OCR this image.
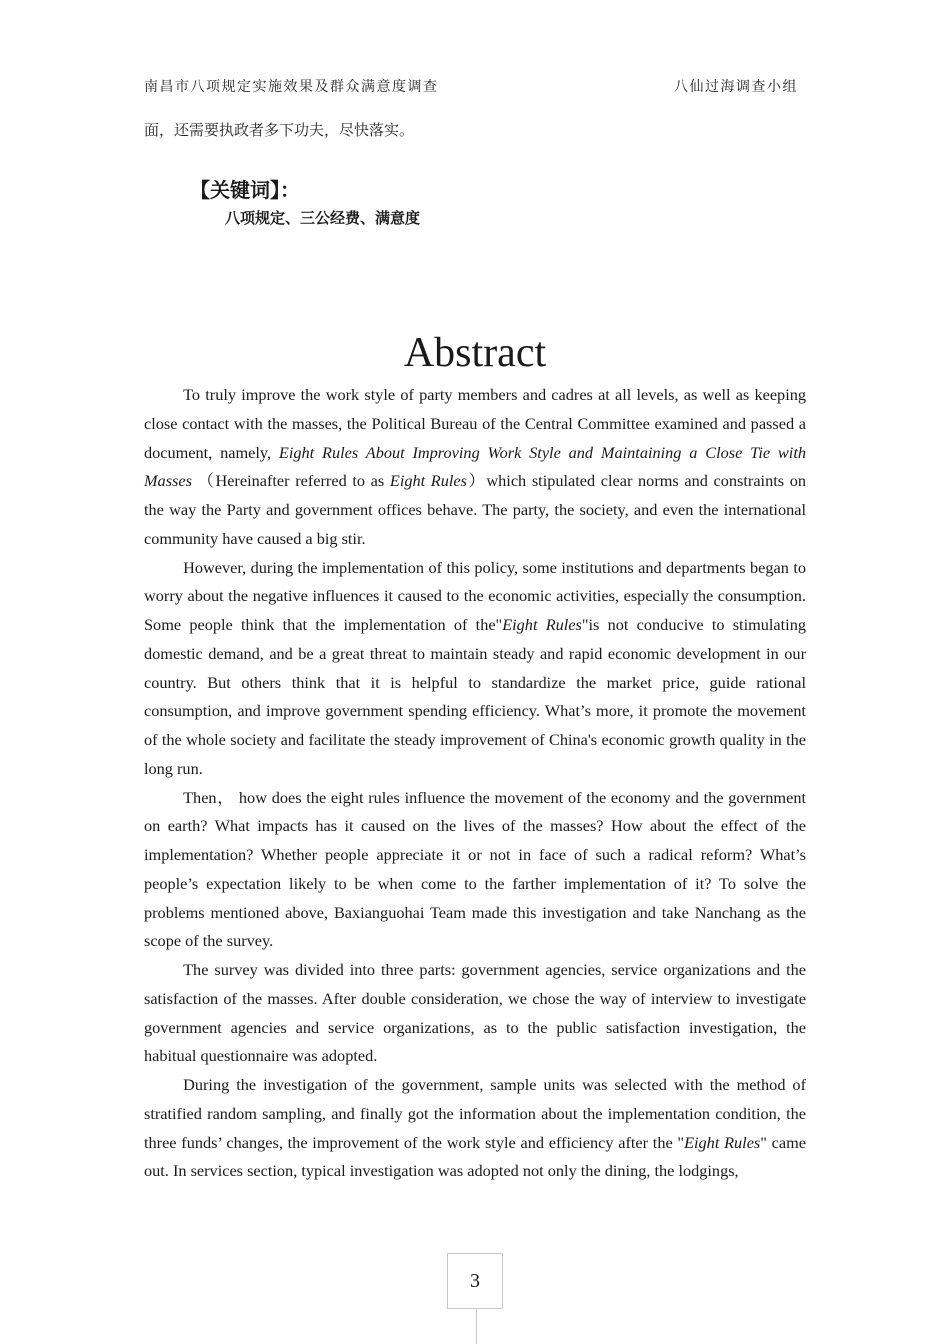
南昌市八项规定实施效果及群众满意度调查	八仙过海调查小组
面，还需要执政者多下功夫，尽快落实。
【关键词】：
八项规定、三公经费、满意度
Abstract

To truly improve the work style of party members and cadres at all levels, as well as keeping close contact with the masses, the Political Bureau of the Central Committee examined and passed a document, namely, Eight Rules About Improving Work Style and Maintaining a Close Tie with Masses （Hereinafter referred to as Eight Rules）which stipulated clear norms and constraints on the way the Party and government offices behave. The party, the society, and even the international community have caused a big stir.

However, during the implementation of this policy, some institutions and departments began to worry about the negative influences it caused to the economic activities, especially the consumption. Some people think that the implementation of the"Eight Rules"is not conducive to stimulating domestic demand, and be a great threat to maintain steady and rapid economic development in our country. But others think that it is helpful to standardize the market price, guide rational consumption, and improve government spending efficiency. What’s more, it promote the movement of the whole society and facilitate the steady improvement of China's economic growth quality in the long run.

Then， how does the eight rules influence the movement of the economy and the government on earth? What impacts has it caused on the lives of the masses? How about the effect of the implementation? Whether people appreciate it or not in face of such a radical reform? What’s people’s expectation likely to be when come to the farther implementation of it? To solve the problems mentioned above, Baxianguohai Team made this investigation and take Nanchang as the scope of the survey.

The survey was divided into three parts: government agencies, service organizations and the satisfaction of the masses. After double consideration, we chose the way of interview to investigate government agencies and service organizations, as to the public satisfaction investigation, the habitual questionnaire was adopted.

During the investigation of the government, sample units was selected with the method of stratified random sampling, and finally got the information about the implementation condition, the three funds’ changes, the improvement of the work style and efficiency after the "Eight Rules" came out. In services section, typical investigation was adopted not only the dining, the lodgings,

3
